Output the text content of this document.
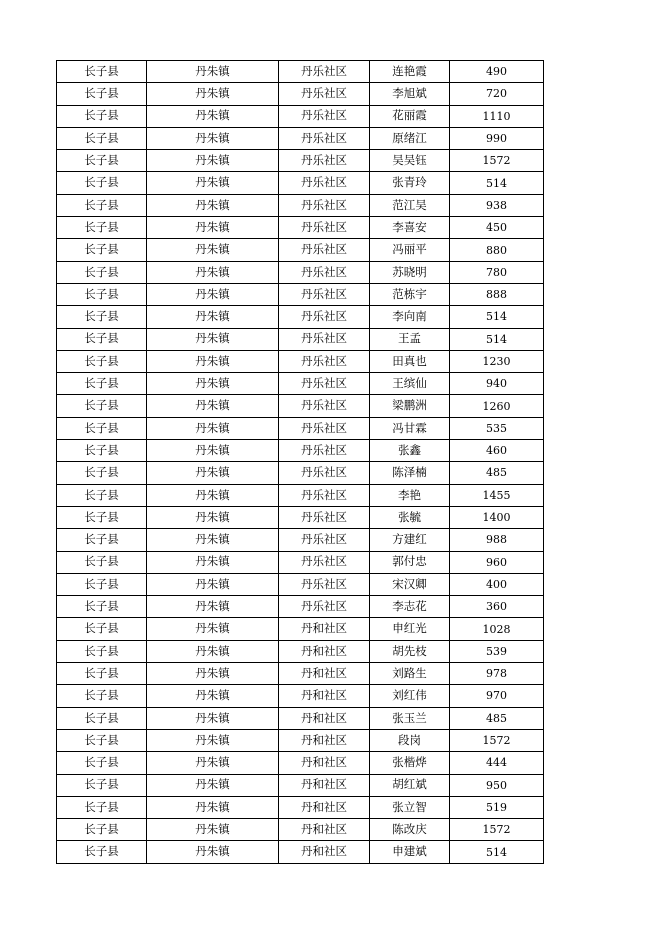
长子县	丹朱镇	丹乐社区	连艳霞	490
长子县	丹朱镇	丹乐社区	李旭斌	720
长子县	丹朱镇	丹乐社区	花丽霞	1110
长子县	丹朱镇	丹乐社区	原绪江	990
长子县	丹朱镇	丹乐社区	吴吴钰	1572
长子县	丹朱镇	丹乐社区	张青玲	514
长子县	丹朱镇	丹乐社区	范江吴	938
长子县	丹朱镇	丹乐社区	李喜安	450
长子县	丹朱镇	丹乐社区	冯丽平	880
长子县	丹朱镇	丹乐社区	苏晓明	780
长子县	丹朱镇	丹乐社区	范栋宇	888
长子县	丹朱镇	丹乐社区	李向南	514
长子县	丹朱镇	丹乐社区	王孟	514
长子县	丹朱镇	丹乐社区	田真也	1230
长子县	丹朱镇	丹乐社区	王缤仙	940
长子县	丹朱镇	丹乐社区	梁鹏洲	1260
长子县	丹朱镇	丹乐社区	冯甘霖	535
长子县	丹朱镇	丹乐社区	张鑫	460
长子县	丹朱镇	丹乐社区	陈泽楠	485
长子县	丹朱镇	丹乐社区	李艳	1455
长子县	丹朱镇	丹乐社区	张毓	1400
长子县	丹朱镇	丹乐社区	方建红	988
长子县	丹朱镇	丹乐社区	郭付忠	960
长子县	丹朱镇	丹乐社区	宋汉卿	400
长子县	丹朱镇	丹乐社区	李志花	360
长子县	丹朱镇	丹和社区	申红光	1028
长子县	丹朱镇	丹和社区	胡先枝	539
长子县	丹朱镇	丹和社区	刘路生	978
长子县	丹朱镇	丹和社区	刘红伟	970
长子县	丹朱镇	丹和社区	张玉兰	485
长子县	丹朱镇	丹和社区	段岗	1572
长子县	丹朱镇	丹和社区	张楷烨	444
长子县	丹朱镇	丹和社区	胡红斌	950
长子县	丹朱镇	丹和社区	张立智	519
长子县	丹朱镇	丹和社区	陈改庆	1572
长子县	丹朱镇	丹和社区	申建斌	514
